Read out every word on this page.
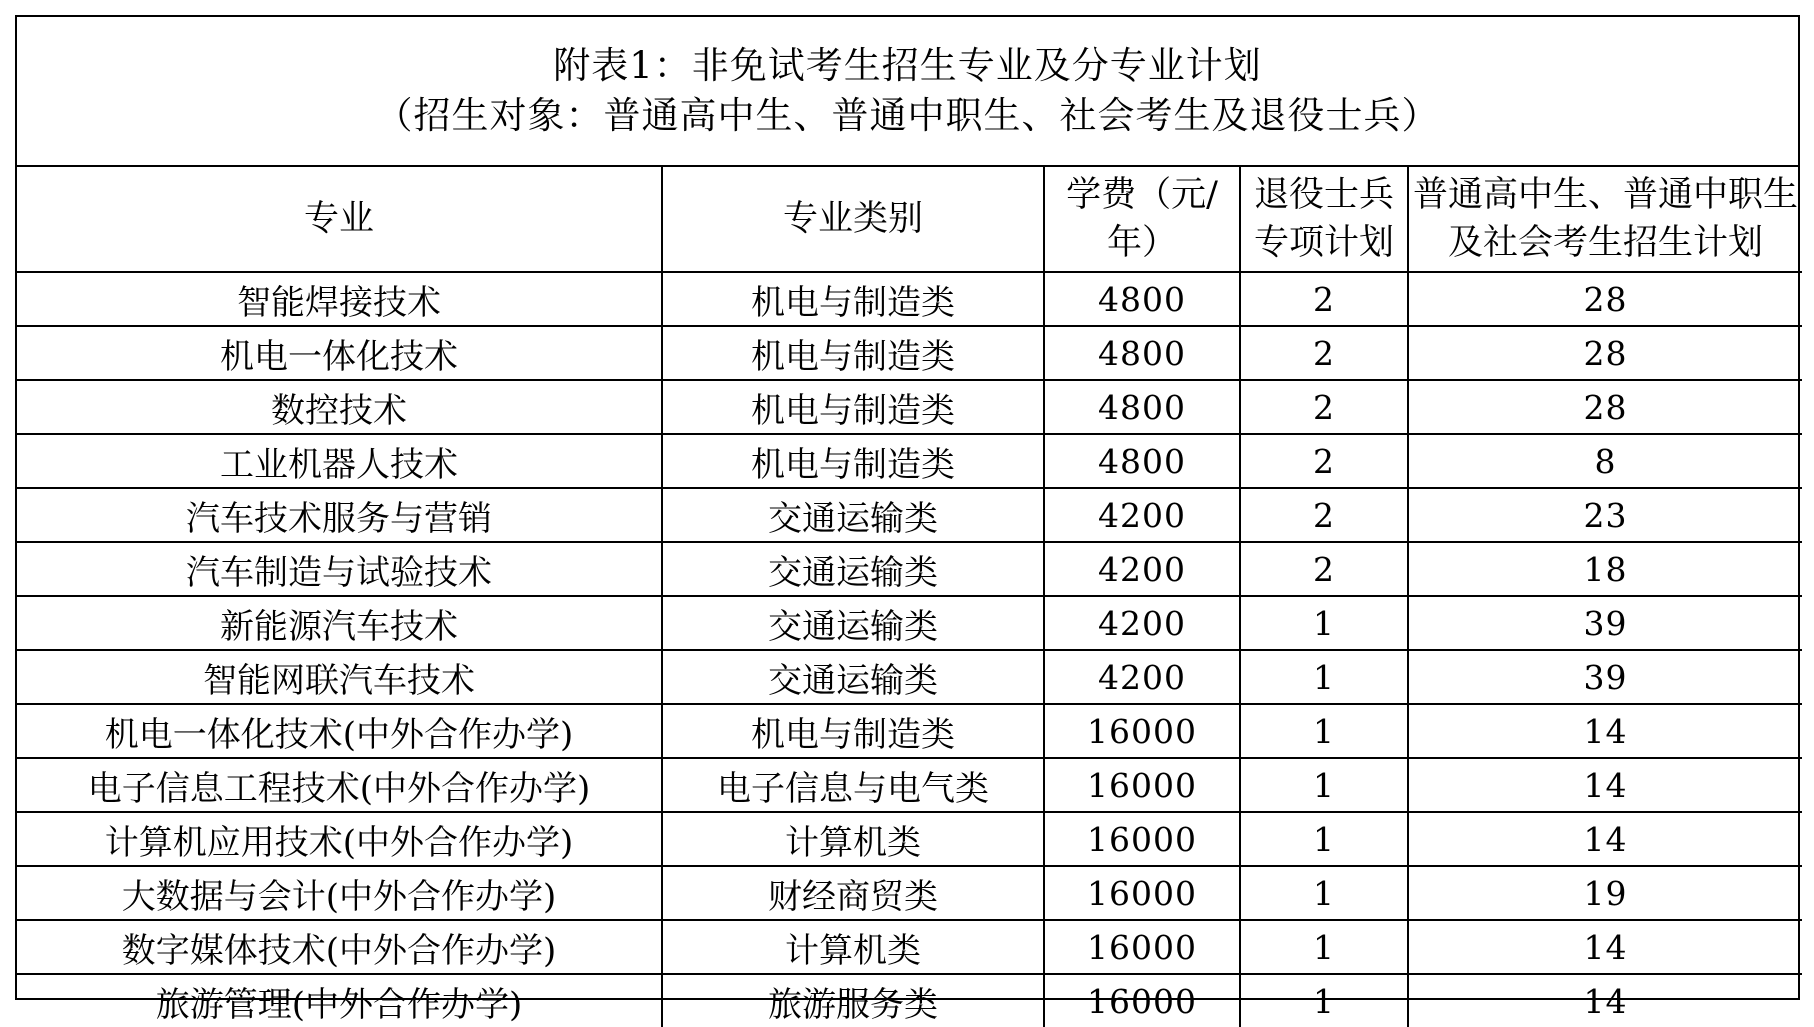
附表1：非免试考生招生专业及分专业计划
（招生对象：普通高中生、普通中职生、社会考生及退役士兵）
专业	专业类别	学费（元/年）	退役士兵专项计划	普通高中生、普通中职生及社会考生招生计划
智能焊接技术	机电与制造类	4800	2	28
机电一体化技术	机电与制造类	4800	2	28
数控技术	机电与制造类	4800	2	28
工业机器人技术	机电与制造类	4800	2	8
汽车技术服务与营销	交通运输类	4200	2	23
汽车制造与试验技术	交通运输类	4200	2	18
新能源汽车技术	交通运输类	4200	1	39
智能网联汽车技术	交通运输类	4200	1	39
机电一体化技术(中外合作办学)	机电与制造类	16000	1	14
电子信息工程技术(中外合作办学)	电子信息与电气类	16000	1	14
计算机应用技术(中外合作办学)	计算机类	16000	1	14
大数据与会计(中外合作办学)	财经商贸类	16000	1	19
数字媒体技术(中外合作办学)	计算机类	16000	1	14
旅游管理(中外合作办学)	旅游服务类	16000	1	14
